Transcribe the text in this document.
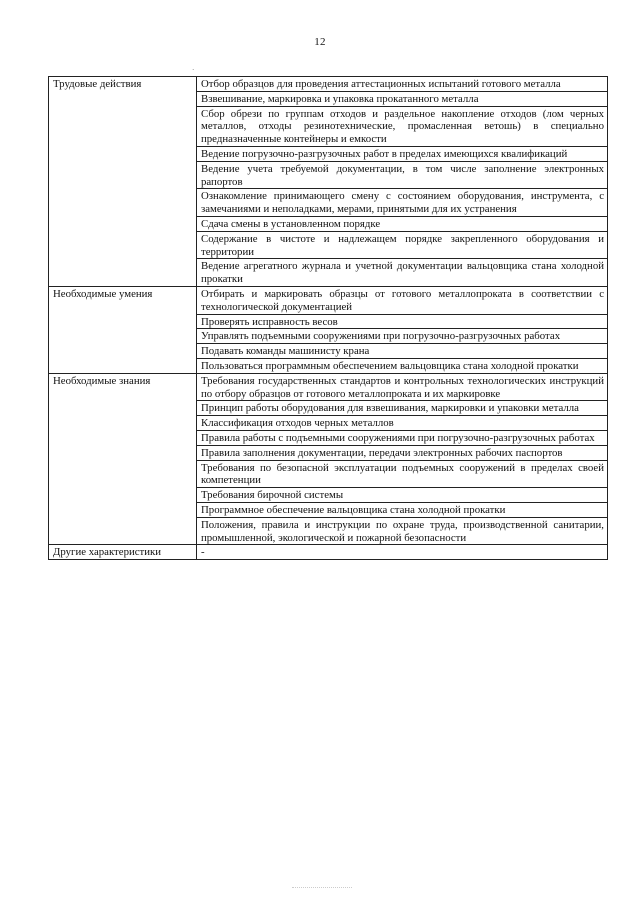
12
·
Трудовые действия	Отбор образцов для проведения аттестационных испытаний готового металла
	Взвешивание, маркировка и упаковка прокатанного металла
	Сбор обрези по группам отходов и раздельное накопление отходов (лом черных металлов, отходы резинотехнические, промасленная ветошь) в специально предназначенные контейнеры и емкости
	Ведение погрузочно-разгрузочных работ в пределах имеющихся квалификаций
	Ведение учета требуемой документации, в том числе заполнение электронных рапортов
	Ознакомление принимающего смену с состоянием оборудования, инструмента, с замечаниями и неполадками, мерами, принятыми для их устранения
	Сдача смены в установленном порядке
	Содержание в чистоте и надлежащем порядке закрепленного оборудования и территории
	Ведение агрегатного журнала и учетной документации вальцовщика стана холодной прокатки
Необходимые умения	Отбирать и маркировать образцы от готового металлопроката в соответствии с технологической документацией
	Проверять исправность весов
	Управлять подъемными сооружениями при погрузочно-разгрузочных работах
	Подавать команды машинисту крана
	Пользоваться программным обеспечением вальцовщика стана холодной прокатки
Необходимые знания	Требования государственных стандартов и контрольных технологических инструкций по отбору образцов от готового металлопроката и их маркировке
	Принцип работы оборудования для взвешивания, маркировки и упаковки металла
	Классификация отходов черных металлов
	Правила работы с подъемными сооружениями при погрузочно-разгрузочных работах
	Правила заполнения документации, передачи электронных рабочих паспортов
	Требования по безопасной эксплуатации подъемных сооружений в пределах своей компетенции
	Требования бирочной системы
	Программное обеспечение вальцовщика стана холодной прокатки
	Положения, правила и инструкции по охране труда, производственной санитарии, промышленной, экологической и пожарной безопасности
Другие характеристики	-
